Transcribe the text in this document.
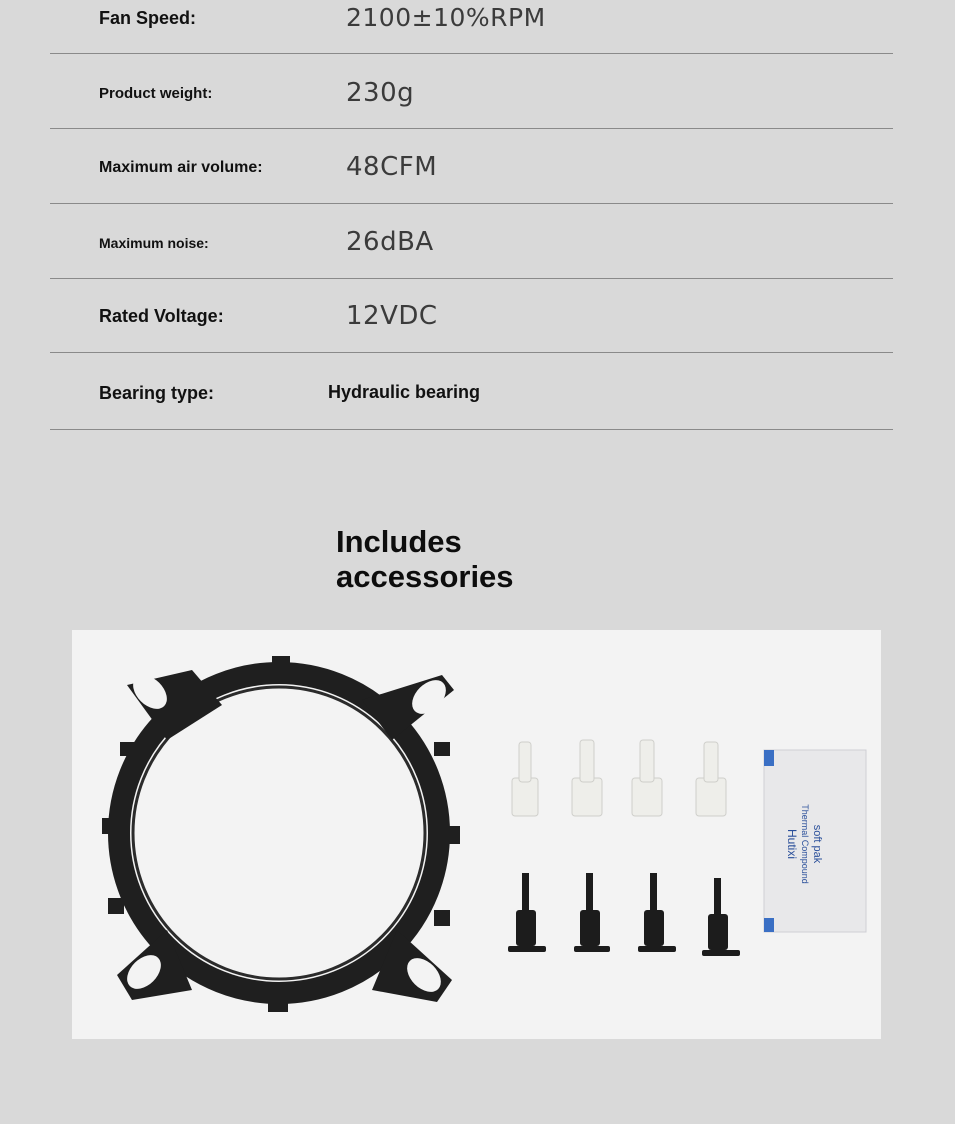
Fan Speed:	2100±10%RPM
Product weight:	230g
Maximum air volume:	48CFM
Maximum noise:	26dBA
Rated Voltage:	12VDC
Bearing type:	Hydraulic bearing
Includes
accessories
soft pak
Thermal Compound
Hutixi
